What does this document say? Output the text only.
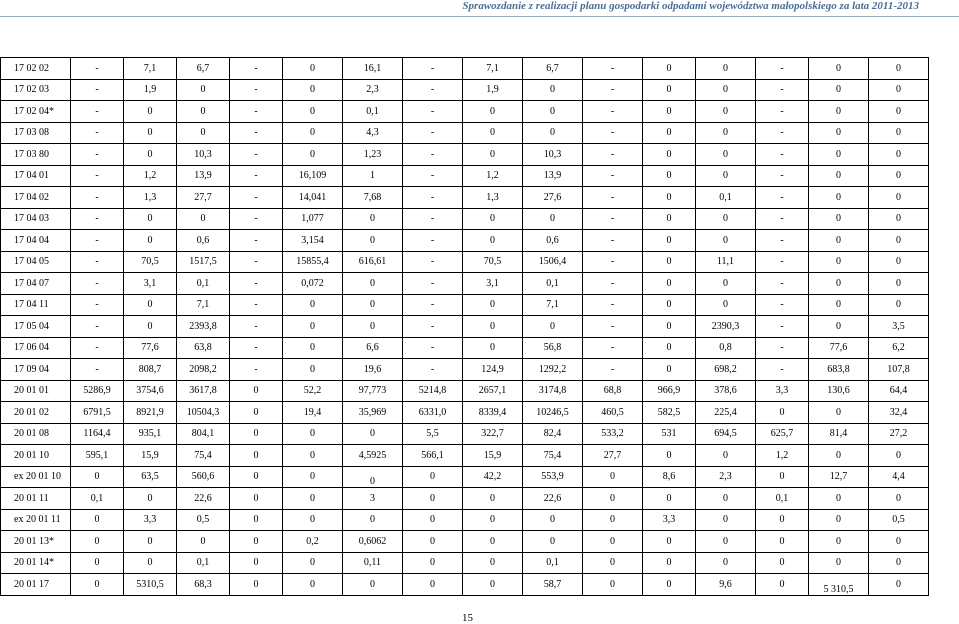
Sprawozdanie z realizacji planu gospodarki odpadami województwa małopolskiego za lata 2011-2013
17 02 02	-	7,1	6,7	-	0	16,1	-	7,1	6,7	-	0	0	-	0	0
17 02 03	-	1,9	0	-	0	2,3	-	1,9	0	-	0	0	-	0	0
17 02 04*	-	0	0	-	0	0,1	-	0	0	-	0	0	-	0	0
17 03 08	-	0	0	-	0	4,3	-	0	0	-	0	0	-	0	0
17 03 80	-	0	10,3	-	0	1,23	-	0	10,3	-	0	0	-	0	0
17 04 01	-	1,2	13,9	-	16,109	1	-	1,2	13,9	-	0	0	-	0	0
17 04 02	-	1,3	27,7	-	14,041	7,68	-	1,3	27,6	-	0	0,1	-	0	0
17 04 03	-	0	0	-	1,077	0	-	0	0	-	0	0	-	0	0
17 04 04	-	0	0,6	-	3,154	0	-	0	0,6	-	0	0	-	0	0
17 04 05	-	70,5	1517,5	-	15855,4	616,61	-	70,5	1506,4	-	0	11,1	-	0	0
17 04 07	-	3,1	0,1	-	0,072	0	-	3,1	0,1	-	0	0	-	0	0
17 04 11	-	0	7,1	-	0	0	-	0	7,1	-	0	0	-	0	0
17 05 04	-	0	2393,8	-	0	0	-	0	0	-	0	2390,3	-	0	3,5
17 06 04	-	77,6	63,8	-	0	6,6	-	0	56,8	-	0	0,8	-	77,6	6,2
17 09 04	-	808,7	2098,2	-	0	19,6	-	124,9	1292,2	-	0	698,2	-	683,8	107,8
20 01 01	5286,9	3754,6	3617,8	0	52,2	97,773	5214,8	2657,1	3174,8	68,8	966,9	378,6	3,3	130,6	64,4
20 01 02	6791,5	8921,9	10504,3	0	19,4	35,969	6331,0	8339,4	10246,5	460,5	582,5	225,4	0	0	32,4
20 01 08	1164,4	935,1	804,1	0	0	0	5,5	322,7	82,4	533,2	531	694,5	625,7	81,4	27,2
20 01 10	595,1	15,9	75,4	0	0	4,5925	566,1	15,9	75,4	27,7	0	0	1,2	0	0
ex 20 01 10	0	63,5	560,6	0	0	0	0	42,2	553,9	0	8,6	2,3	0	12,7	4,4
20 01 11	0,1	0	22,6	0	0	3	0	0	22,6	0	0	0	0,1	0	0
ex 20 01 11	0	3,3	0,5	0	0	0	0	0	0	0	3,3	0	0	0	0,5
20 01 13*	0	0	0	0	0,2	0,6062	0	0	0	0	0	0	0	0	0
20 01 14*	0	0	0,1	0	0	0,11	0	0	0,1	0	0	0	0	0	0
20 01 17	0	5310,5	68,3	0	0	0	0	0	58,7	0	0	9,6	0	5 310,5	0
15
